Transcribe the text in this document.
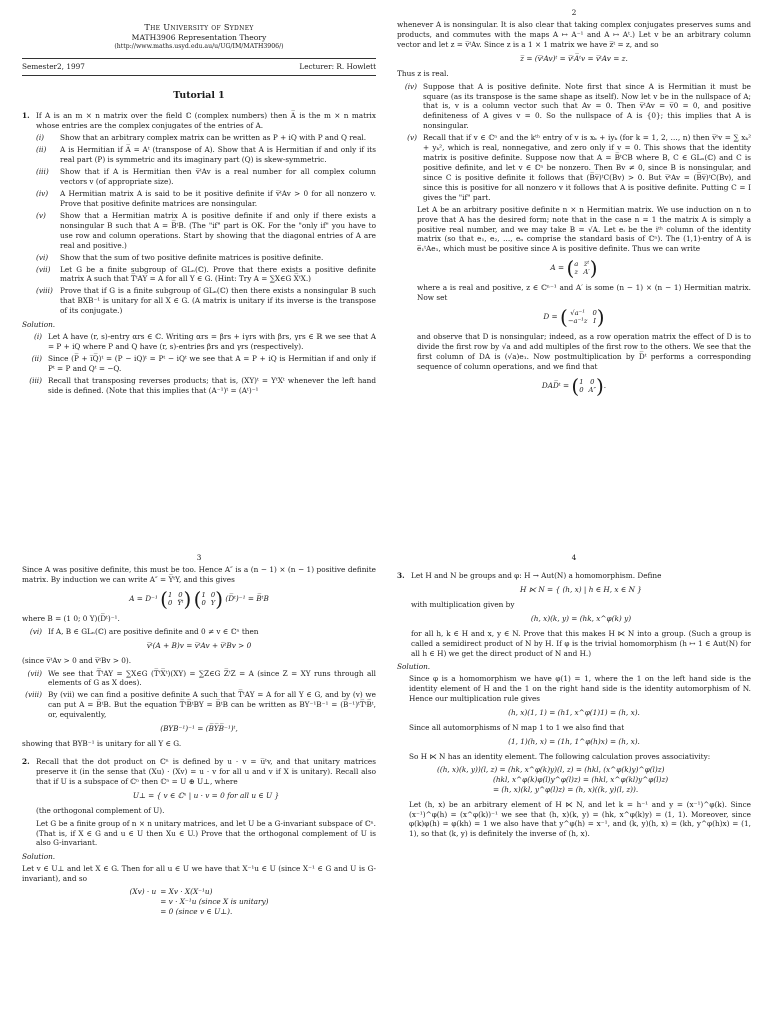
The University of Sydney
MATH3906 Representation Theory
(http://www.maths.usyd.edu.au/u/UG/IM/MATH3906/)
Semester2, 1997	Lecturer: R. Howlett
Tutorial 1

1. If A is an m × n matrix over the field ℂ (complex numbers) then A̅ is the m × n matrix whose entries are the complex conjugates of the entries of A.

(i)	Show that an arbitrary complex matrix can be written as P + iQ with P and Q real.
(ii)	A is Hermitian if A̅ = Aᵗ (transpose of A). Show that A is Hermitian if and only if its real part (P) is symmetric and its imaginary part (Q) is skew-symmetric.
(iii)	Show that if A is Hermitian then v̅ᵗAv is a real number for all complex column vectors v (of appropriate size).
(iv)	A Hermitian matrix A is said to be it positive definite if v̅ᵗAv > 0 for all nonzero v. Prove that positive definite matrices are nonsingular.
(v)	Show that a Hermitian matrix A is positive definite if and only if there exists a nonsingular B such that A = B̅ᵗB. (The "if" part is OK. For the "only if" you have to use row and column operations. Start by showing that the diagonal entries of A are real and positive.)
(vi)	Show that the sum of two positive definite matrices is positive definite.
(vii)	Let G be a finite subgroup of GLₙ(ℂ). Prove that there exists a positive definite matrix A such that T̅ᵗAY = A for all Y ∈ G. (Hint: Try A = ∑X∈G X̅ᵗX.)
(viii) Prove that if G is a finite subgroup of GLₙ(ℂ) then there exists a nonsingular B such that BXB⁻¹ is unitary for all X ∈ G. (A matrix is unitary if its inverse is the transpose of its conjugate.)
Solution.
(i) Let A have (r, s)-entry αrs ∈ ℂ. Writing αrs = βrs + iγrs with βrs, γrs ∈ ℝ we see that A = P + iQ where P and Q have (r, s)-entries βrs and γrs (respectively).
(ii) Since (P̅ + i̅Q̅)ᵗ = (P − iQ)ᵗ = Pᵗ − iQᵗ we see that A = P + iQ is Hermitian if and only if Pᵗ = P and Qᵗ = −Q.
(iii) Recall that transposing reverses products; that is, (XY)ᵗ = YᵗXᵗ whenever the left hand side is defined. (Note that this implies that (A⁻¹)ᵗ = (Aᵗ)⁻¹
2

whenever A is nonsingular. It is also clear that taking complex conjugates preserves sums and products, and commutes with the maps A ↦ A⁻¹ and A ↦ Aᵗ.) Let v be an arbitrary column vector and let z = v̅ᵗAv. Since z is a 1 × 1 matrix we have z̅ᵗ = z, and so

z̅ = (v̅ᵗAv)ᵗ = v̅ᵗA̅ᵗv = v̅ᵗAv = z.

Thus z is real.

(iv) Suppose that A is positive definite. Note first that since A is Hermitian it must be square (as its transpose is the same shape as itself). Now let v be in the nullspace of A; that is, v is a column vector such that Av = 0. Then v̅ᵗAv = v̅0 = 0, and positive definiteness of A gives v = 0. So the nullspace of A is {0}; this implies that A is nonsingular.
(v) Recall that if v ∈ ℂⁿ and the kᵗʰ entry of v is xₖ + iyₖ (for k = 1, 2, …, n) then v̅ᵗv = ∑ xₖ² + yₖ², which is real, nonnegative, and zero only if v = 0. This shows that the identity matrix is positive definite. Suppose now that A = B̅ᵗCB where B, C ∈ GLₙ(ℂ) and C is positive definite, and let v ∈ ℂⁿ be nonzero. Then Bv ≠ 0, since B is nonsingular, and since C is positive definite it follows that (B̅v̅)ᵗC(Bv) > 0. But v̅ᵗAv = (B̅v̅)ᵗC(Bv), and since this is positive for all nonzero v it follows that A is positive definite. Putting C = I gives the "if" part.

Let A be an arbitrary positive definite n × n Hermitian matrix. We use induction on n to prove that A has the desired form; note that in the case n = 1 the matrix A is simply a positive real number, and we may take B = √A. Let eᵢ be the iᵗʰ column of the identity matrix (so that e₁, e₂, …, eₙ comprise the standard basis of ℂⁿ). The (1,1)-entry of A is e̅₁ᵗAe₁, which must be positive since A is positive definite. Thus we can write

A = ( a z̅ᵗ
z A′ )

where a is real and positive, z ∈ ℂⁿ⁻¹ and A′ is some (n − 1) × (n − 1) Hermitian matrix. Now set

D = ( √a⁻¹	0
−a⁻¹z I )

and observe that D is nonsingular; indeed, as a row operation matrix the effect of D is to divide the first row by √a and add multiples of the first row to the others. We see that the first column of DA is (√a)e₁. Now postmultiplication by D̅ᵗ performs a corresponding sequence of column operations, and we find that

DAD̅ᵗ = ( 1 0
0 A″ ) .
3

Since A was positive definite, this must be too. Hence A″ is a (n − 1) × (n − 1) positive definite matrix. By induction we can write A″ = Y̅ᵗY, and this gives

A = D⁻¹ ( 1 0
0 Y̅ᵗ )
( 1 0
0 Y ) (D̅ᵗ)⁻¹ = B̅ᵗB

where B = (1 0; 0 Y)(D̅ᵗ)⁻¹.

(vi) If A, B ∈ GLₙ(ℂ) are positive definite and 0 ≠ v ∈ ℂⁿ then
v̅ᵗ(A + B)v = v̅ᵗAv + v̅ᵗBv > 0

(since v̅ᵗAv > 0 and v̅ᵗBv > 0).

(vii) We see that T̅ᵗAY = ∑X∈G (T̅ᵗX̅ᵗ)(XY) = ∑Z∈G Z̅ᵗZ = A (since Z = XY runs through all elements of G as X does).
(viii) By (vii) we can find a positive definite A such that T̅ᵗAY = A for all Y ∈ G, and by (v) we can put A = B̅ᵗB. But the equation T̅ᵗB̅ᵗBY = B̅ᵗB can be written as BY⁻¹B⁻¹ = (B̅⁻¹)ᵗT̅ᵗB̅ᵗ, or, equivalently,
(BYB⁻¹)⁻¹ = (B̅Y̅B̅⁻¹)ᵗ,

showing that BYB⁻¹ is unitary for all Y ∈ G.

2. Recall that the dot product on ℂⁿ is defined by u · v = u̅ᵗv, and that unitary matrices preserve it (in the sense that (Xu) · (Xv) = u · v for all u and v if X is unitary). Recall also that if U is a subspace of ℂⁿ then ℂⁿ = U ⊕ U⊥, where

U⊥ = { v ∈ ℂⁿ | u · v = 0 for all u ∈ U }

(the orthogonal complement of U).

Let G be a finite group of n × n unitary matrices, and let U be a G-invariant subspace of ℂⁿ. (That is, if X ∈ G and u ∈ U then Xu ∈ U.) Prove that the orthogonal complement of U is also G-invariant.

Solution.

Let v ∈ U⊥ and let X ∈ G. Then for all u ∈ U we have that X⁻¹u ∈ U (since X⁻¹ ∈ G and U is G-invariant), and so

(Xv) · u = Xv · X(X⁻¹u)
= v · X⁻¹u (since X is unitary)
= 0 (since v ∈ U⊥).
4

3. Let H and N be groups and φ: H → Aut(N) a homomorphism. Define

H ⋉ N = { (h, x) | h ∈ H, x ∈ N }

with multiplication given by

(h, x)(k, y) = (hk, x^φ(k) y)

for all h, k ∈ H and x, y ∈ N. Prove that this makes H ⋉ N into a group. (Such a group is called a semidirect product of N by H. If φ is the trivial homomorphism (h ↦ 1 ∈ Aut(N) for all h ∈ H) we get the direct product of N and H.)

Solution.

Since φ is a homomorphism we have φ(1) = 1, where the 1 on the left hand side is the identity element of H and the 1 on the right hand side is the identity automorphism of N. Hence our multiplication rule gives

(h, x)(1, 1) = (h1, x^φ(1)1) = (h, x).

Since all automorphisms of N map 1 to 1 we also find that

(1, 1)(h, x) = (1h, 1^φ(h)x) = (h, x).

So H ⋉ N has an identity element. The following calculation proves associativity:

((h, x)(k, y))(l, z) = (hk, x^φ(k)y)(l, z) = (hkl, (x^φ(k)y)^φ(l)z)
(hkl, x^φ(k)φ(l)y^φ(l)z) = (hkl, x^φ(kl)y^φ(l)z)
= (h, x)(kl, y^φ(l)z) = (h, x)((k, y)(l, z)).

Let (h, x) be an arbitrary element of H ⋉ N, and let k = h⁻¹ and y = (x⁻¹)^φ(k). Since (x⁻¹)^φ(h) = (x^φ(k))⁻¹ we see that (h, x)(k, y) = (hk, x^φ(k)y) = (1, 1). Moreover, since φ(k)φ(h) = φ(kh) = 1 we also have that y^φ(h) = x⁻¹, and (k, y)(h, x) = (kh, y^φ(h)x) = (1, 1), so that (k, y) is definitely the inverse of (h, x).
